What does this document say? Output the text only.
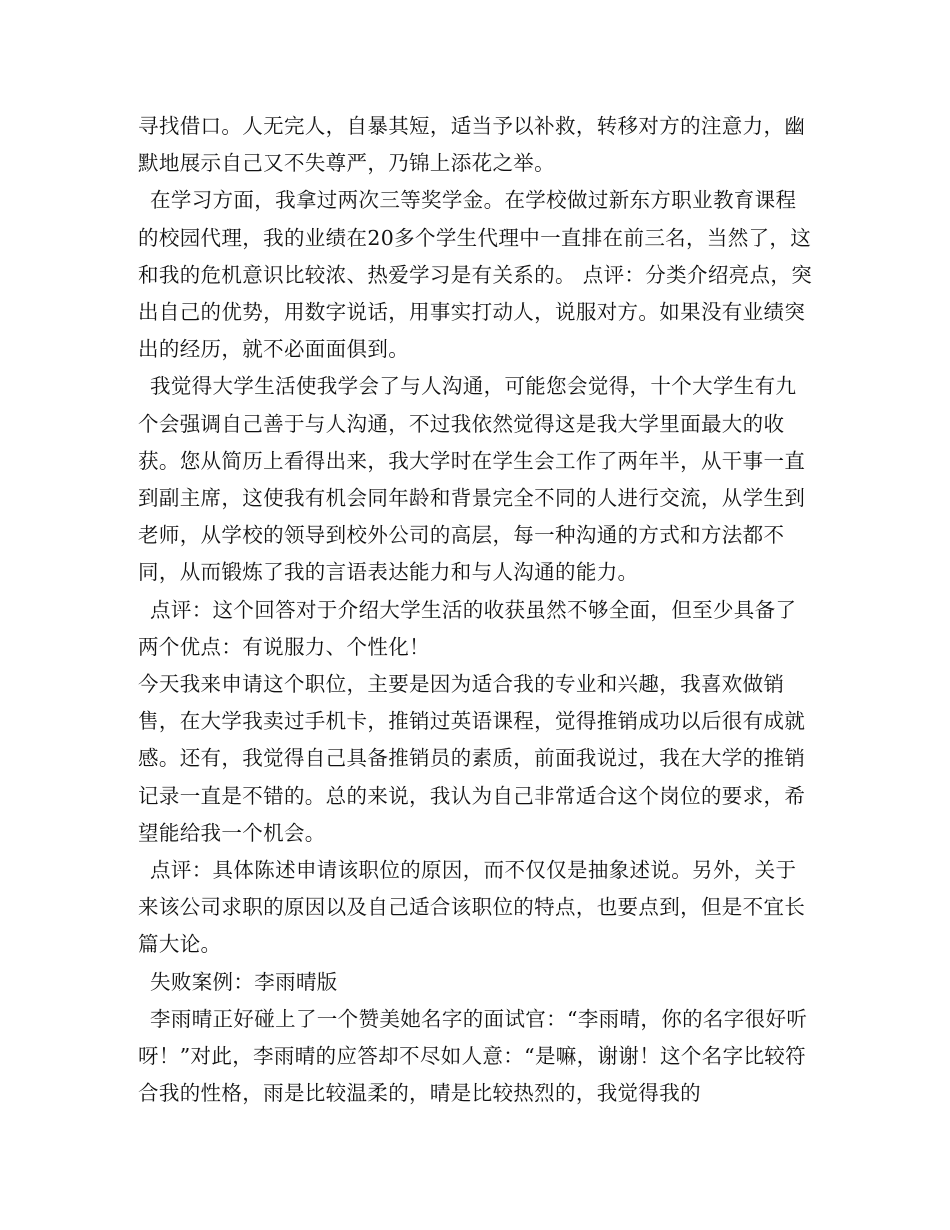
寻找借口。人无完人，自暴其短，适当予以补救，转移对方的注意力，幽默地展示自己又不失尊严，乃锦上添花之举。

在学习方面，我拿过两次三等奖学金。在学校做过新东方职业教育课程的校园代理，我的业绩在20多个学生代理中一直排在前三名，当然了，这和我的危机意识比较浓、热爱学习是有关系的。 点评：分类介绍亮点，突出自己的优势，用数字说话，用事实打动人，说服对方。如果没有业绩突出的经历，就不必面面俱到。

我觉得大学生活使我学会了与人沟通，可能您会觉得，十个大学生有九个会强调自己善于与人沟通，不过我依然觉得这是我大学里面最大的收获。您从简历上看得出来，我大学时在学生会工作了两年半，从干事一直到副主席，这使我有机会同年龄和背景完全不同的人进行交流，从学生到老师，从学校的领导到校外公司的高层，每一种沟通的方式和方法都不同，从而锻炼了我的言语表达能力和与人沟通的能力。

点评：这个回答对于介绍大学生活的收获虽然不够全面，但至少具备了两个优点：有说服力、个性化！

今天我来申请这个职位，主要是因为适合我的专业和兴趣，我喜欢做销售，在大学我卖过手机卡，推销过英语课程，觉得推销成功以后很有成就感。还有，我觉得自己具备推销员的素质，前面我说过，我在大学的推销记录一直是不错的。总的来说，我认为自己非常适合这个岗位的要求，希望能给我一个机会。

点评：具体陈述申请该职位的原因，而不仅仅是抽象述说。另外，关于来该公司求职的原因以及自己适合该职位的特点，也要点到，但是不宜长篇大论。

失败案例：李雨晴版

李雨晴正好碰上了一个赞美她名字的面试官：“李雨晴，你的名字很好听呀！”对此，李雨晴的应答却不尽如人意：“是嘛，谢谢！这个名字比较符合我的性格，雨是比较温柔的，晴是比较热烈的，我觉得我的
